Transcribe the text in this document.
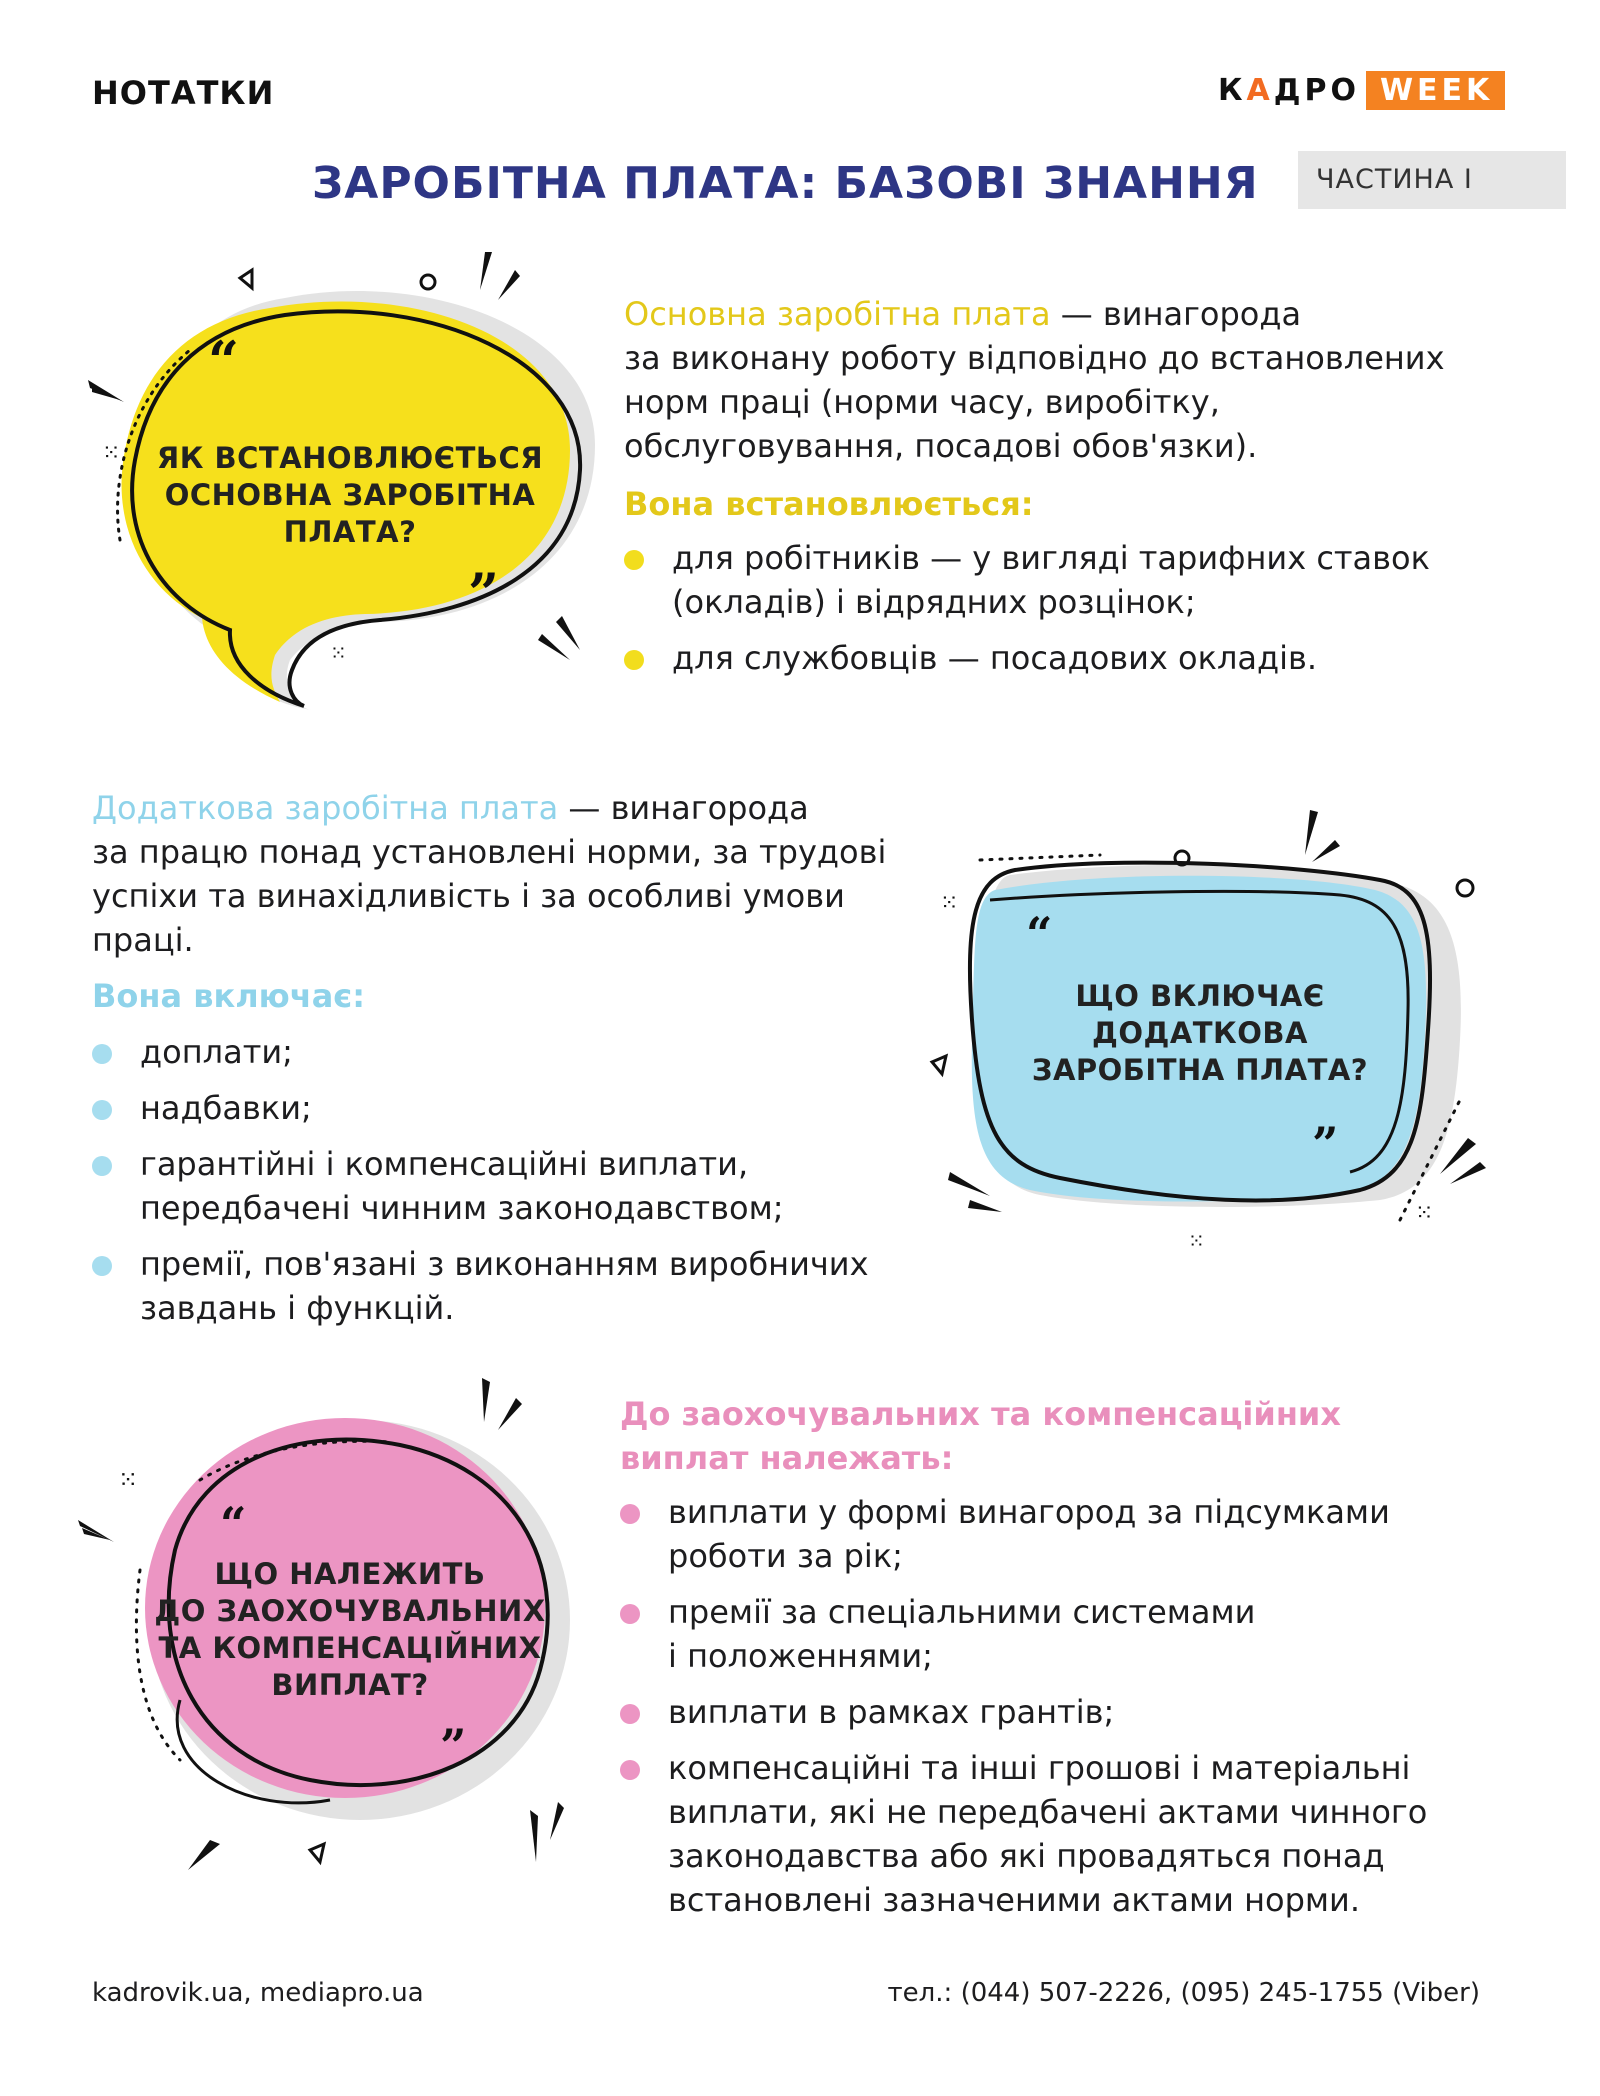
НОТАТКИ	КАДРО WEEK
ЗАРОБІТНА ПЛАТА: БАЗОВІ ЗНАННЯ	ЧАСТИНА І
“
”
ЯК ВСТАНОВЛЮЄТЬСЯ
ОСНОВНА ЗАРОБІТНА
ПЛАТА?
⁙
⁙
Основна заробітна плата — винагорода
за виконану роботу відповідно до встановлених
норм праці (норми часу, виробітку,
обслуговування, посадові обов'язки).
Вона встановлюється:
для робітників — у вигляді тарифних ставок
(окладів) і відрядних розцінок;
для службовців — посадових окладів.
Додаткова заробітна плата — винагорода
за працю понад установлені норми, за трудові
успіхи та винахідливість і за особливі умови
праці.
Вона включає:
доплати;
надбавки;
гарантійні і компенсаційні виплати,
передбачені чинним законодавством;
премії, пов'язані з виконанням виробничих
завдань і функцій.
“
”
ЩО ВКЛЮЧАЄ
ДОДАТКОВА
ЗАРОБІТНА ПЛАТА?
⁙
⁙
⁙
“
”
ЩО НАЛЕЖИТЬ
ДО ЗАОХОЧУВАЛЬНИХ
ТА КОМПЕНСАЦІЙНИХ
ВИПЛАТ?
⁙
До заохочувальних та компенсаційних
виплат належать:
виплати у формі винагород за підсумками
роботи за рік;
премії за спеціальними системами
і положеннями;
виплати в рамках грантів;
компенсаційні та інші грошові і матеріальні
виплати, які не передбачені актами чинного
законодавства або які провадяться понад
встановлені зазначеними актами норми.
kadrovik.ua, mediapro.ua	тел.: (044) 507-2226, (095) 245-1755 (Viber)
